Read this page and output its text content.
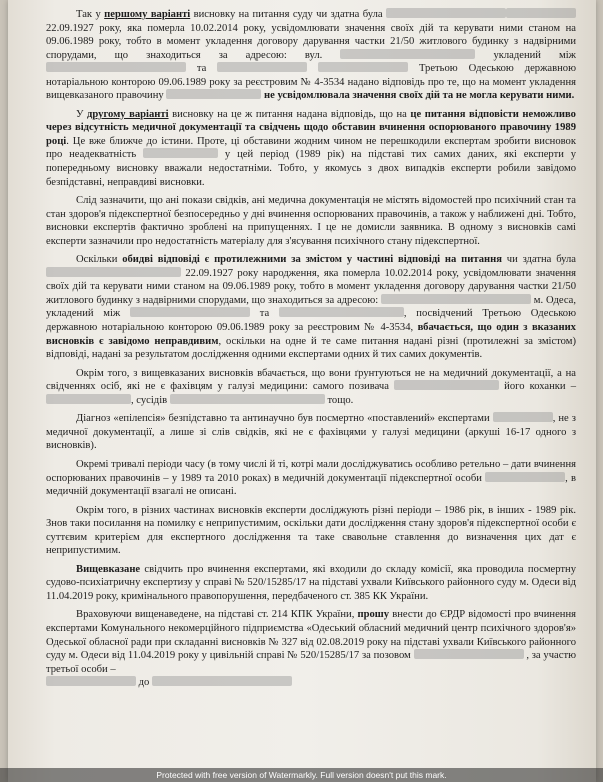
Так у першому варіанті висновку на питання суду чи здатна була  22.09.1927 року, яка померла 10.02.2014 року, усвідомлювати значення своїх дій та керувати ними станом на 09.06.1989 року, тобто в момент укладення договору дарування частки 21/50 житлового будинку з надвірними спорудами, що знаходиться за адресою: вул.	укладений між  та	Третьою Одеською державною нотаріальною конторою 09.06.1989 року за реєстровим № 4-3534 надано відповідь про те, що на момент укладення вищевказаного правочину	не усвідомлювала значення своїх дій та не могла керувати ними.

У другому варіанті висновку на це ж питання надана відповідь, що на це питання відповісти неможливо через відсутність медичної документації та свідчень щодо обставин вчинення оспорюваного правочину 1989 році. Це вже ближче до істини. Проте, ці обставини жодним чином не перешкодили експертам зробити висновок про неадекватність	у цей період (1989 рік) на підставі тих самих даних, які експерти у попередньому висновку вважали недостатніми. Тобто, у якомусь з двох випадків експерти робили завідомо безпідставні, неправдиві висновки.

Слід зазначити, що ані покази свідків, ані медична документація не містять відомостей про психічний стан та стан здоров'я підекспертної безпосередньо у дні вчинення оспорюваних правочинів, а також у наближені дні. Тобто, висновки експертів фактично зроблені на припущеннях. І це не домисли заявника. В одному з висновків самі експерти зазначили про недостатність матеріалу для з'ясування психічного стану підекспертної.

Оскільки обидві відповіді є протилежними за змістом у частині відповіді на питання чи здатна була  22.09.1927 року народження, яка померла 10.02.2014 року, усвідомлювати значення своїх дій та керувати ними станом на 09.06.1989 року, тобто в момент укладення договору дарування частки 21/50 житлового будинку з надвірними спорудами, що знаходиться за адресою:	м. Одеса, укладений між	та	, посвідчений Третьою Одеською державною нотаріальною конторою 09.06.1989 року за реєстровим № 4-3534, вбачається, що один з вказаних висновків є завідомо неправдивим, оскільки на одне й те саме питання надані різні (протилежні за змістом) відповіді, надані за результатом дослідження одними експертами одних й тих самих документів.

Окрім того, з вищевказаних висновків вбачається, що вони ґрунтуються не на медичний документації, а на свідченнях осіб, які не є фахівцям у галузі медицини: самого позивача	його коханки – , сусідів	тощо.

Діагноз «епілепсія» безпідставно та антинаучно був посмертно «поставлений» експертами	, не з медичної документації, а лише зі слів свідків, які не є фахівцями у галузі медицини (аркуші 16-17 одного з висновків).

Окремі тривалі періоди часу (в тому числі й ті, котрі мали досліджуватись особливо ретельно – дати вчинення оспорюваних правочинів – у 1989 та 2010 роках) в медичній документації підекспертної особи	, в медичній документації взагалі не описані.

Окрім того, в різних частинах висновків експерти досліджують різні періоди – 1986 рік, в інших - 1989 рік. Знов таки посилання на помилку є неприпустимим, оскільки дати дослідження стану здоров'я підекспертної особи є суттєвим критерієм для експертного дослідження та таке свавольне ставлення до визначення цих дат є неприпустимим.

Вищевказане свідчить про вчинення експертами, які входили до складу комісії, яка проводила посмертну судово-психіатричну експертизу у справі № 520/15285/17 на підставі ухвали Київського районного суду м. Одеси від 11.04.2019 року, кримінального правопорушення, передбаченого ст. 385 КК України.

Враховуючи вищенаведене, на підставі ст. 214 КПК України, прошу внести до ЄРДР відомості про вчинення експертами Комунального некомерційного підприємства «Одеський обласний медичний центр психічного здоров'я» Одеської обласної ради при складанні висновків № 327 від 02.08.2019 року на підставі ухвали Київського районного суду м. Одеси від 11.04.2019 року у цивільній справі № 520/15285/17 за позовом	, за участю третьої особи –

до

Protected with free version of Watermarkly. Full version doesn't put this mark.
